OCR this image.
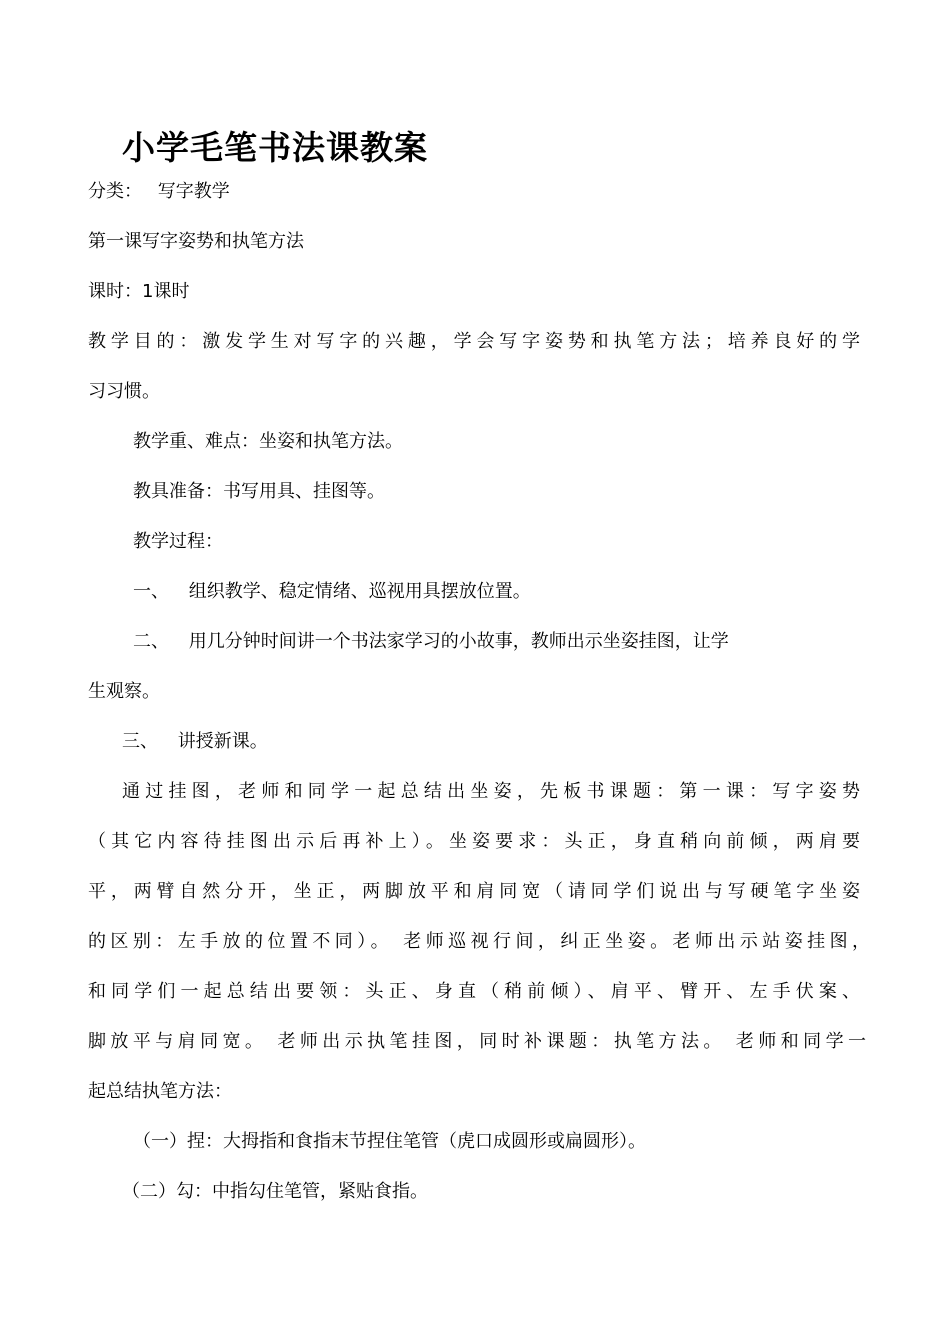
小学毛笔书法课教案
分类： 写字教学
第一课写字姿势和执笔方法
课时：1课时
教学目的：激发学生对写字的兴趣，学会写字姿势和执笔方法；培养良好的学
习习惯。
教学重、难点：坐姿和执笔方法。
教具准备：书写用具、挂图等。
教学过程：
一、 组织教学、稳定情绪、巡视用具摆放位置。
二、 用几分钟时间讲一个书法家学习的小故事，教师出示坐姿挂图，让学
生观察。
三、 讲授新课。
通过挂图，老师和同学一起总结出坐姿，先板书课题：第一课：写字姿势
（其它内容待挂图出示后再补上）。坐姿要求：头正，身直稍向前倾，两肩要
平，两臂自然分开，坐正，两脚放平和肩同宽（请同学们说出与写硬笔字坐姿
的区别：左手放的位置不同）。 老师巡视行间，纠正坐姿。老师出示站姿挂图，
和同学们一起总结出要领：头正、身直（稍前倾）、肩平、臂开、左手伏案、
脚放平与肩同宽。 老师出示执笔挂图，同时补课题：执笔方法。 老师和同学一
起总结执笔方法：
（一）捏：大拇指和食指末节捏住笔管（虎口成圆形或扁圆形）。
（二）勾：中指勾住笔管，紧贴食指。
